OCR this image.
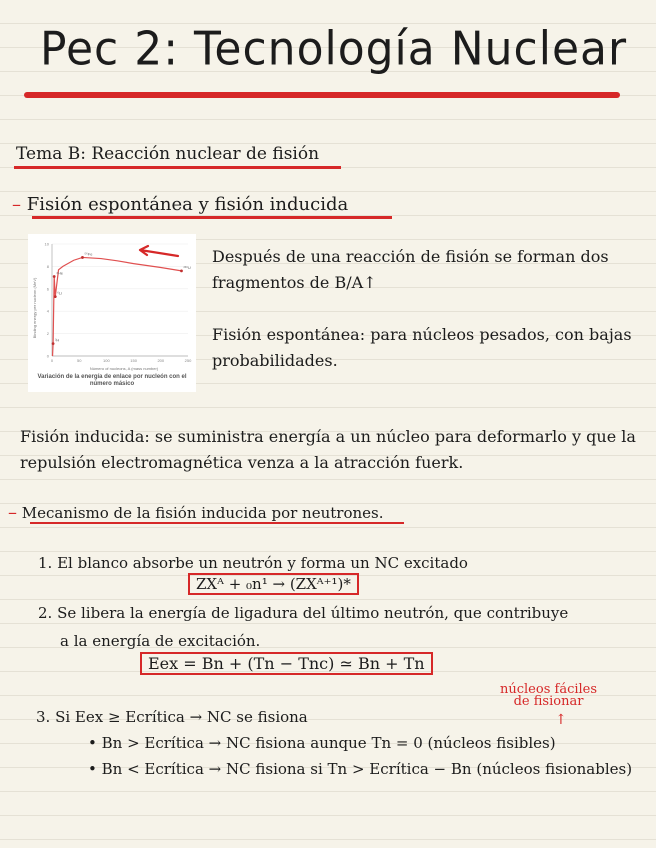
Pec 2: Tecnología Nuclear
Tema B: Reacción nuclear de fisión
– Fisión espontánea y fisión inducida
0
2
4
6
8
10
0	50	100	150	200	250
²H
⁴He
⁶Li
⁵⁶Fe
²³⁸U
Número of nucleons, A (mass number)
Binding energy per nucleon (MeV)
Variación de la energía de enlace por nucleón con el número másico
Después de una reacción de fisión se forman dos fragmentos de B/A↑
Fisión espontánea: para núcleos pesados, con bajas probabilidades.
Fisión inducida: se suministra energía a un núcleo para deformarlo y que la repulsión electromagnética venza a la atracción fuerk.
– Mecanismo de la fisión inducida por neutrones.
1. El blanco absorbe un neutrón y forma un NC excitado
ZXᴬ + ₀n¹ → (ZXᴬ⁺¹)*
2. Se libera la energía de ligadura del último neutrón, que contribuye
a la energía de excitación.
Eex = Bn + (Tn − Tnc) ≃ Bn + Tn
núcleos fáciles
de fisionar
↑
3. Si Eex ≥ Ecrítica → NC se fisiona
• Bn > Ecrítica → NC fisiona aunque Tn = 0 (núcleos fisibles)
• Bn < Ecrítica → NC fisiona si Tn > Ecrítica − Bn (núcleos fisionables)
